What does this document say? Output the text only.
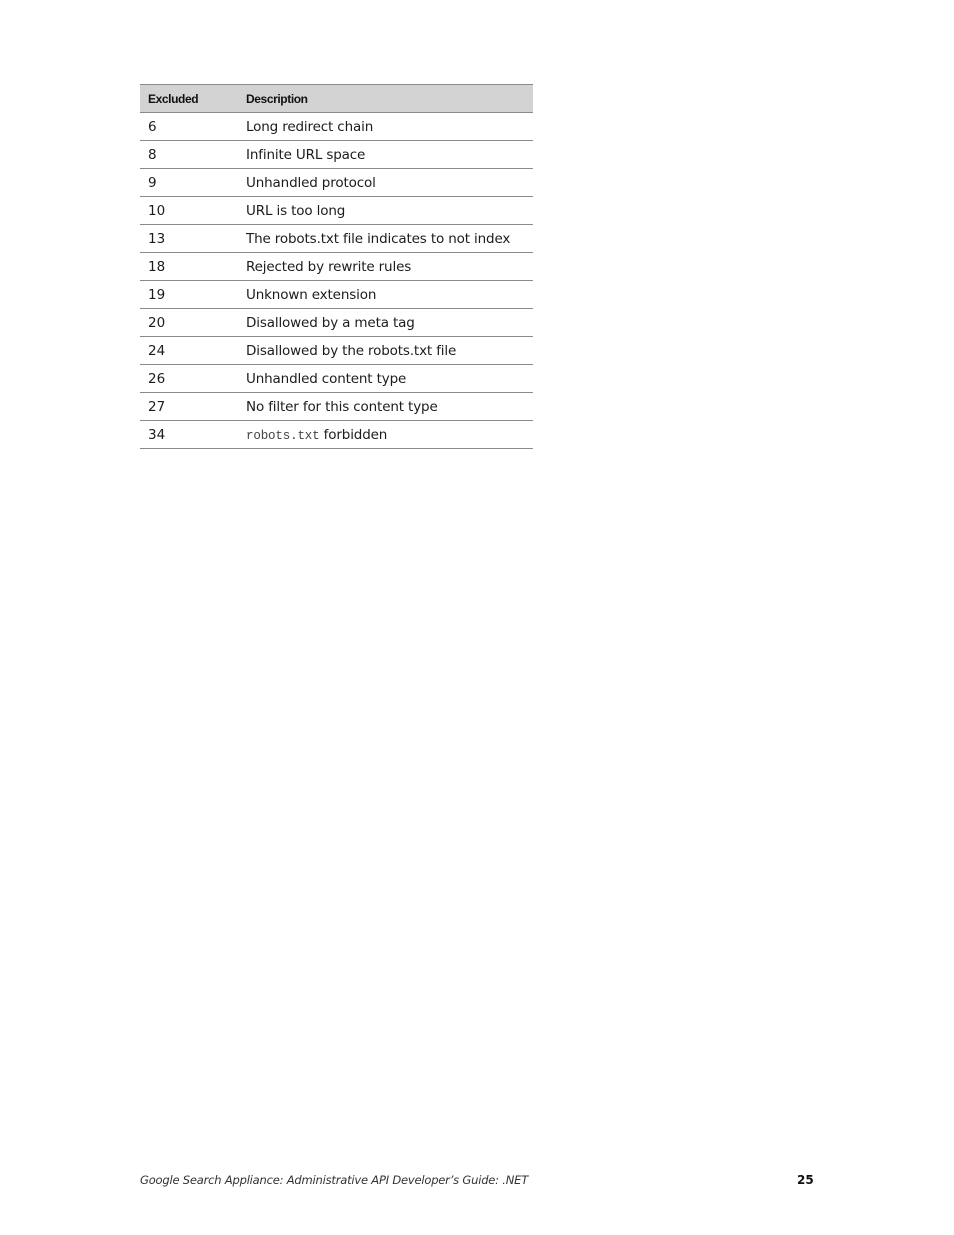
Excluded	Description
6	Long redirect chain
8	Infinite URL space
9	Unhandled protocol
10	URL is too long
13	The robots.txt file indicates to not index
18	Rejected by rewrite rules
19	Unknown extension
20	Disallowed by a meta tag
24	Disallowed by the robots.txt file
26	Unhandled content type
27	No filter for this content type
34	robots.txt forbidden
Google Search Appliance: Administrative API Developer’s Guide: .NET	25
